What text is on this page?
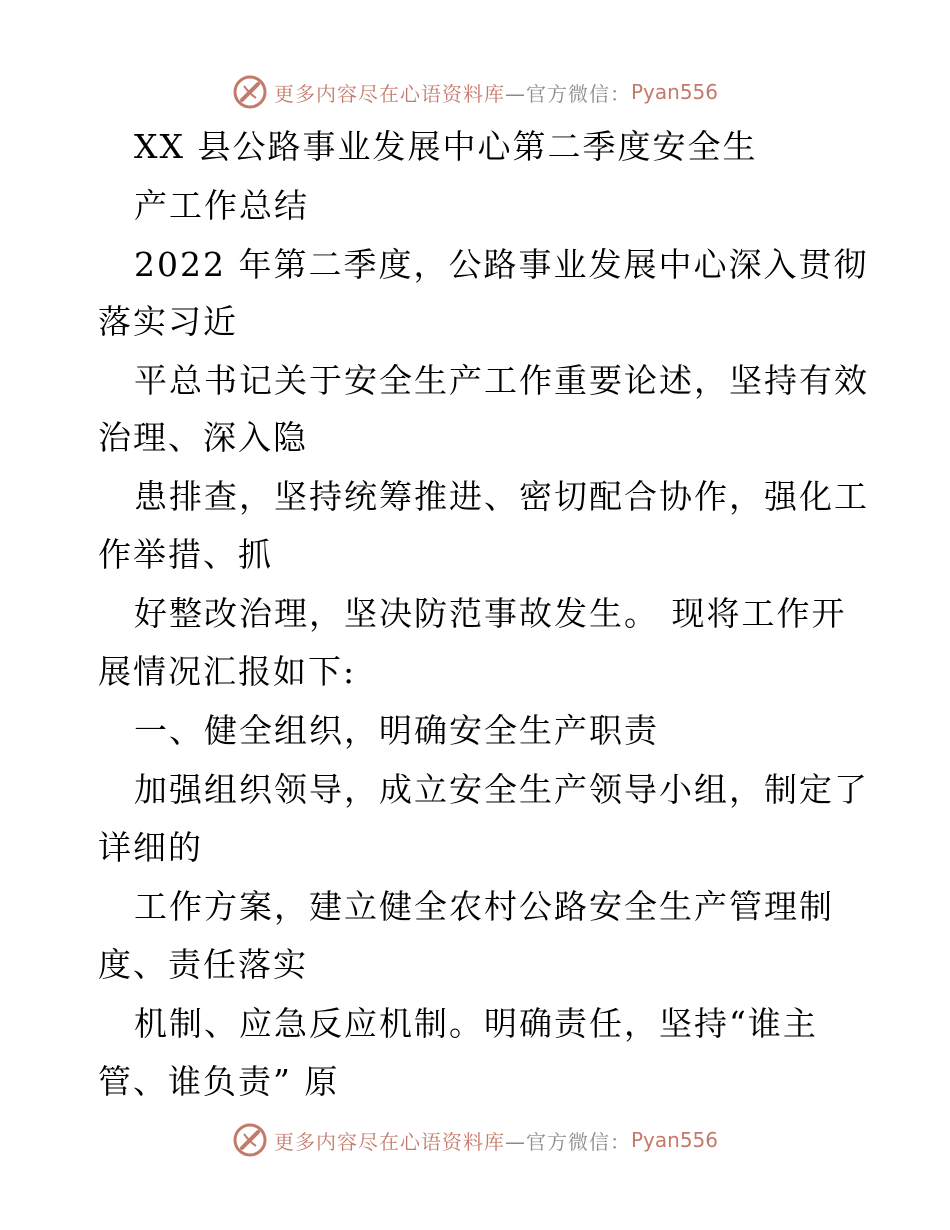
更多内容尽在心语资料库 —官方微信： Pyan556
XX 县公路事业发展中心第二季度安全生
产工作总结
2022 年第二季度，公路事业发展中心深入贯彻
落实习近
平总书记关于安全生产工作重要论述，坚持有效
治理、深入隐
患排查，坚持统筹推进、密切配合协作，强化工
作举措、抓
好整改治理，坚决防范事故发生。 现将工作开
展情况汇报如下:
一、健全组织，明确安全生产职责
加强组织领导，成立安全生产领导小组，制定了
详细的
工作方案，建立健全农村公路安全生产管理制
度、责任落实
机制、应急反应机制。明确责任，坚持“谁主
管、谁负责” 原
更多内容尽在心语资料库 —官方微信： Pyan556
